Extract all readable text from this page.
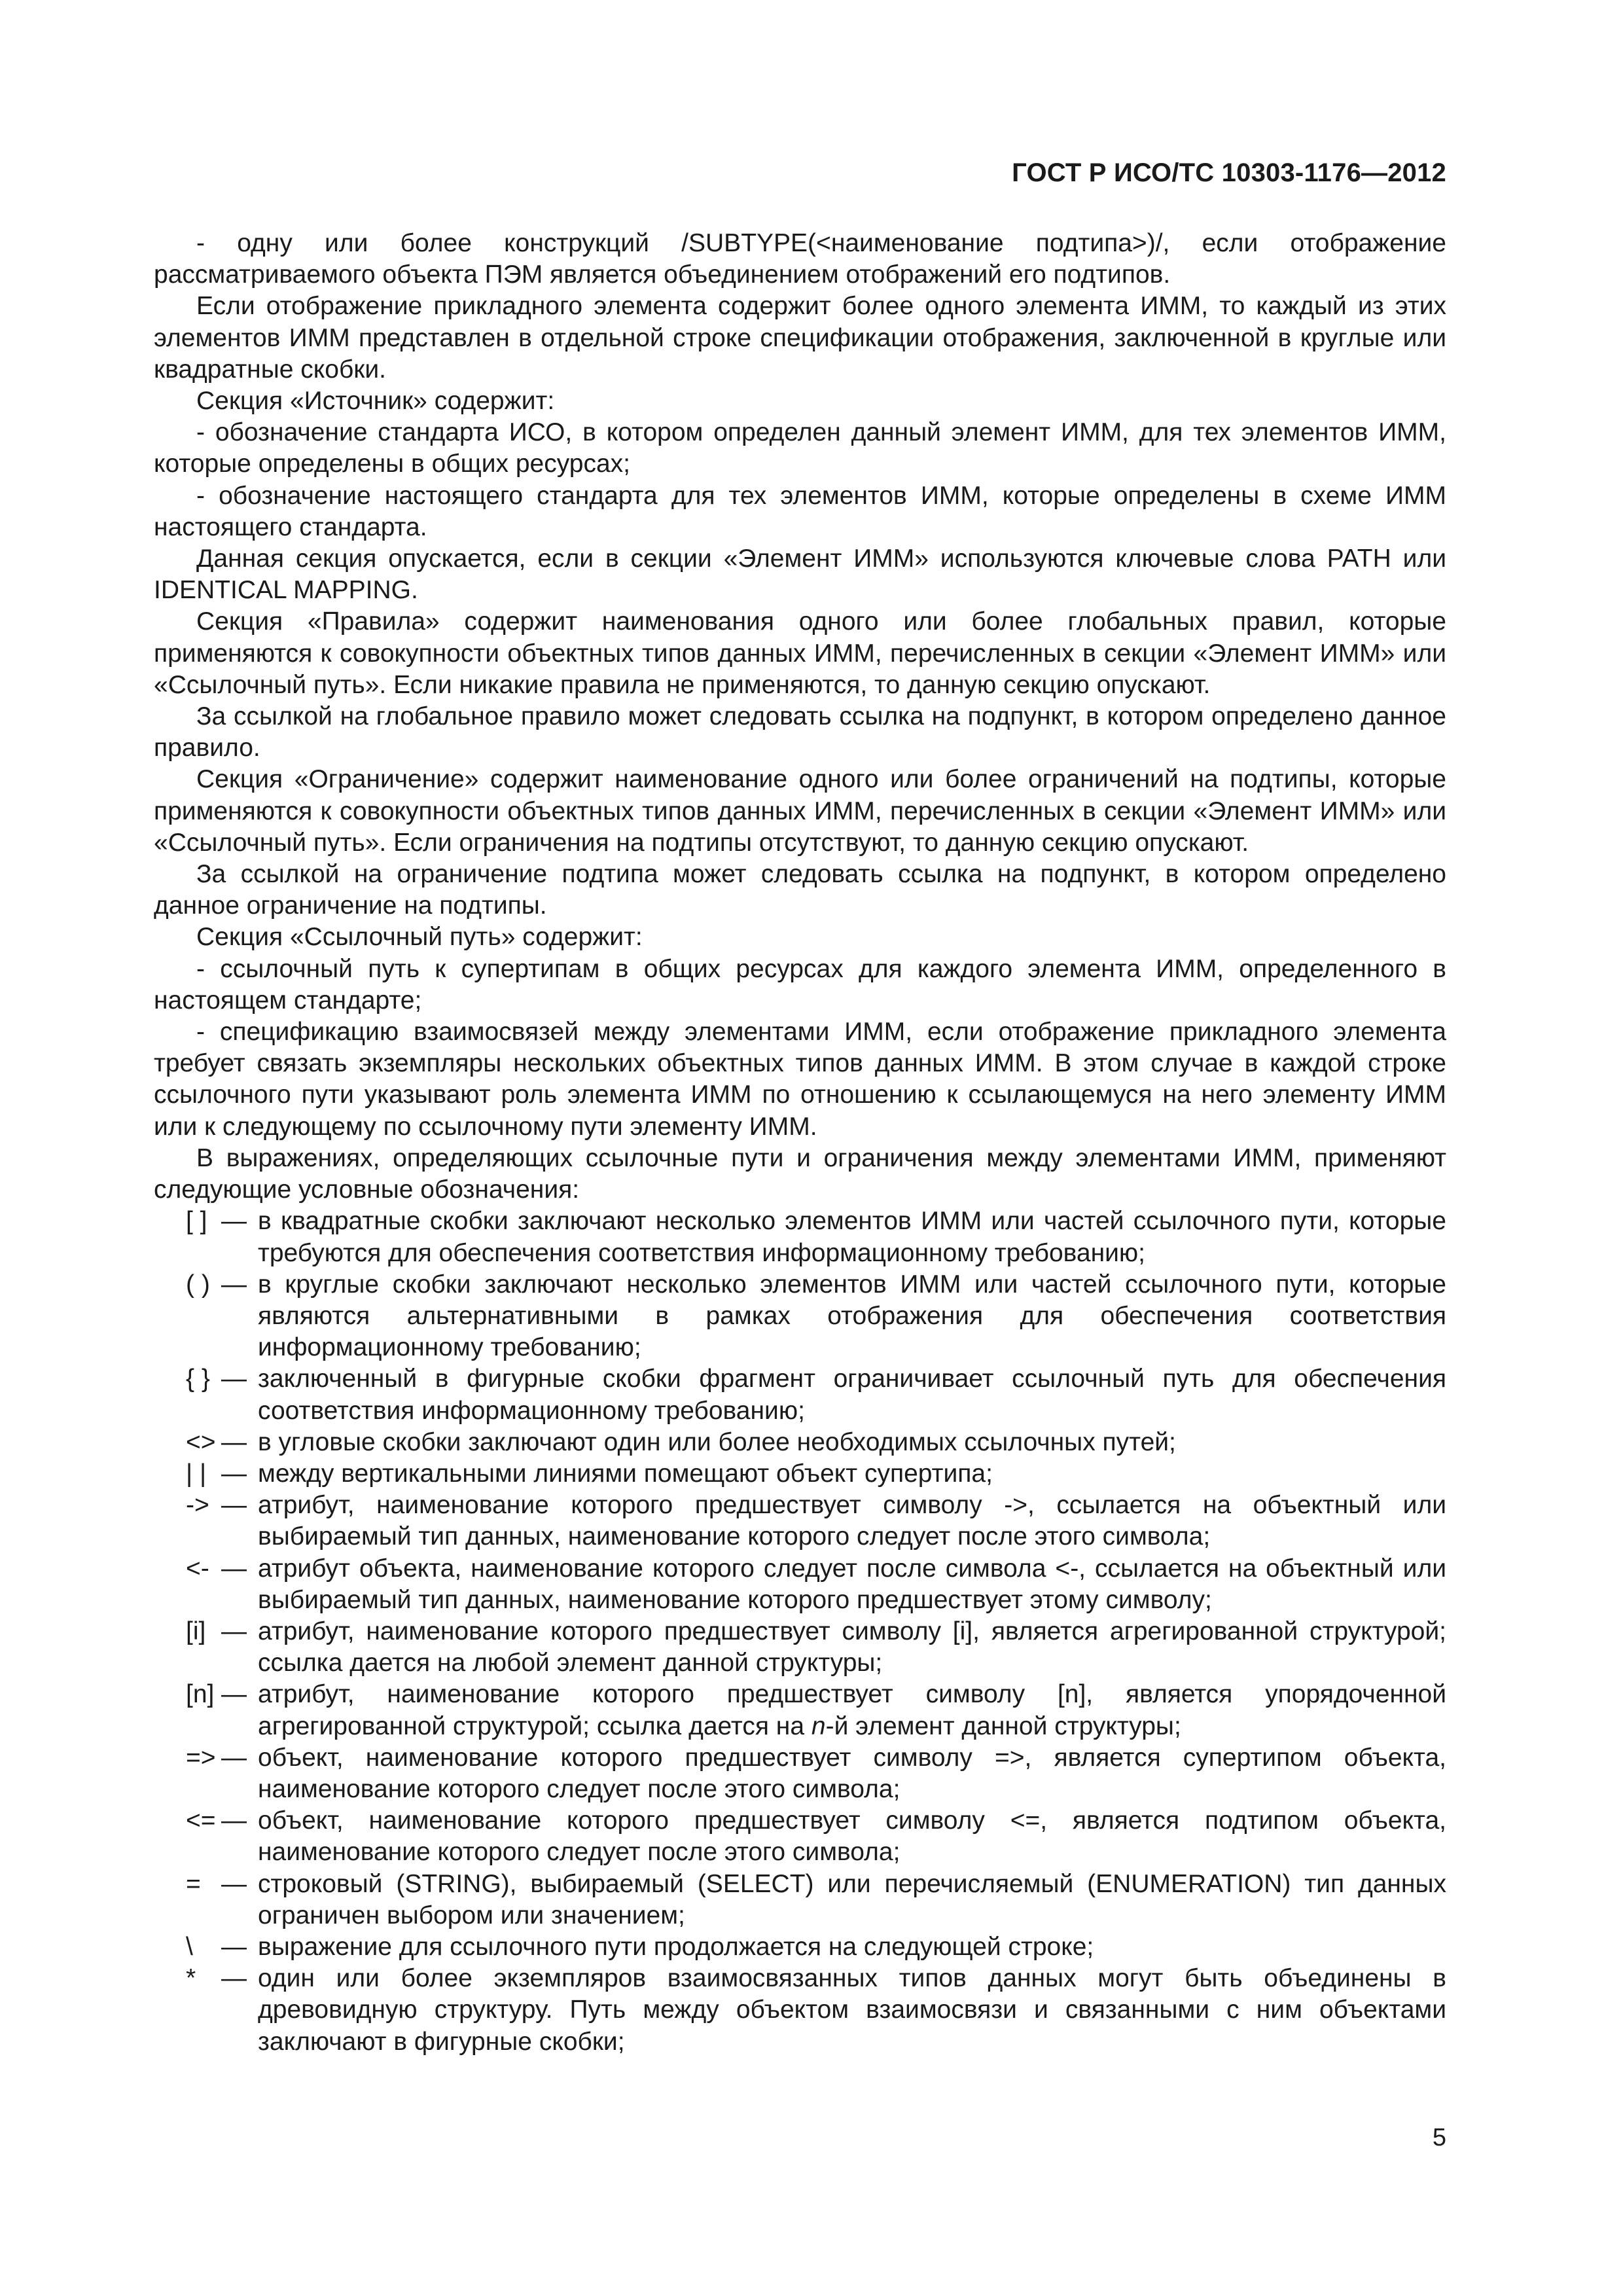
ГОСТ Р ИСО/ТС 10303-1176—2012

- одну или более конструкций /SUBTYPE(<наименование подтипа>)/, если отображение рассматриваемого объекта ПЭМ является объединением отображений его подтипов.

Если отображение прикладного элемента содержит более одного элемента ИММ, то каждый из этих элементов ИММ представлен в отдельной строке спецификации отображения, заключенной в круглые или квадратные скобки.

Секция «Источник» содержит:

- обозначение стандарта ИСО, в котором определен данный элемент ИММ, для тех элементов ИММ, которые определены в общих ресурсах;

- обозначение настоящего стандарта для тех элементов ИММ, которые определены в схеме ИММ настоящего стандарта.

Данная секция опускается, если в секции «Элемент ИММ» используются ключевые слова PATH или IDENTICAL MAPPING.

Секция «Правила» содержит наименования одного или более глобальных правил, которые применяются к совокупности объектных типов данных ИММ, перечисленных в секции «Элемент ИММ» или «Ссылочный путь». Если никакие правила не применяются, то данную секцию опускают.

За ссылкой на глобальное правило может следовать ссылка на подпункт, в котором определено данное правило.

Секция «Ограничение» содержит наименование одного или более ограничений на подтипы, которые применяются к совокупности объектных типов данных ИММ, перечисленных в секции «Элемент ИММ» или «Ссылочный путь». Если ограничения на подтипы отсутствуют, то данную секцию опускают.

За ссылкой на ограничение подтипа может следовать ссылка на подпункт, в котором определено данное ограничение на подтипы.

Секция «Ссылочный путь» содержит:

- ссылочный путь к супертипам в общих ресурсах для каждого элемента ИММ, определенного в настоящем стандарте;

- спецификацию взаимосвязей между элементами ИММ, если отображение прикладного элемента требует связать экземпляры нескольких объектных типов данных ИММ. В этом случае в каждой строке ссылочного пути указывают роль элемента ИММ по отношению к ссылающемуся на него элементу ИММ или к следующему по ссылочному пути элементу ИММ.

В выражениях, определяющих ссылочные пути и ограничения между элементами ИММ, применяют следующие условные обозначения:

[ ] — в квадратные скобки заключают несколько элементов ИММ или частей ссылочного пути, которые требуются для обеспечения соответствия информационному требованию;
( ) — в круглые скобки заключают несколько элементов ИММ или частей ссылочного пути, которые являются альтернативными в рамках отображения для обеспечения соответствия информационному требованию;
{ } — заключенный в фигурные скобки фрагмент ограничивает ссылочный путь для обеспечения соответствия информационному требованию;
<> — в угловые скобки заключают один или более необходимых ссылочных путей;
| | — между вертикальными линиями помещают объект супертипа;
-> — атрибут, наименование которого предшествует символу ->, ссылается на объектный или выбираемый тип данных, наименование которого следует после этого символа;
<- — атрибут объекта, наименование которого следует после символа <-, ссылается на объектный или выбираемый тип данных, наименование которого предшествует этому символу;
[i] — атрибут, наименование которого предшествует символу [i], является агрегированной структурой; ссылка дается на любой элемент данной структуры;
[n] — атрибут, наименование которого предшествует символу [n], является упорядоченной агрегированной структурой; ссылка дается на n-й элемент данной структуры;
=> — объект, наименование которого предшествует символу =>, является супертипом объекта, наименование которого следует после этого символа;
<= — объект, наименование которого предшествует символу <=, является подтипом объекта, наименование которого следует после этого символа;
= — строковый (STRING), выбираемый (SELECT) или перечисляемый (ENUMERATION) тип данных ограничен выбором или значением;
\ — выражение для ссылочного пути продолжается на следующей строке;
* — один или более экземпляров взаимосвязанных типов данных могут быть объединены в древовидную структуру. Путь между объектом взаимосвязи и связанными с ним объектами заключают в фигурные скобки;
5
